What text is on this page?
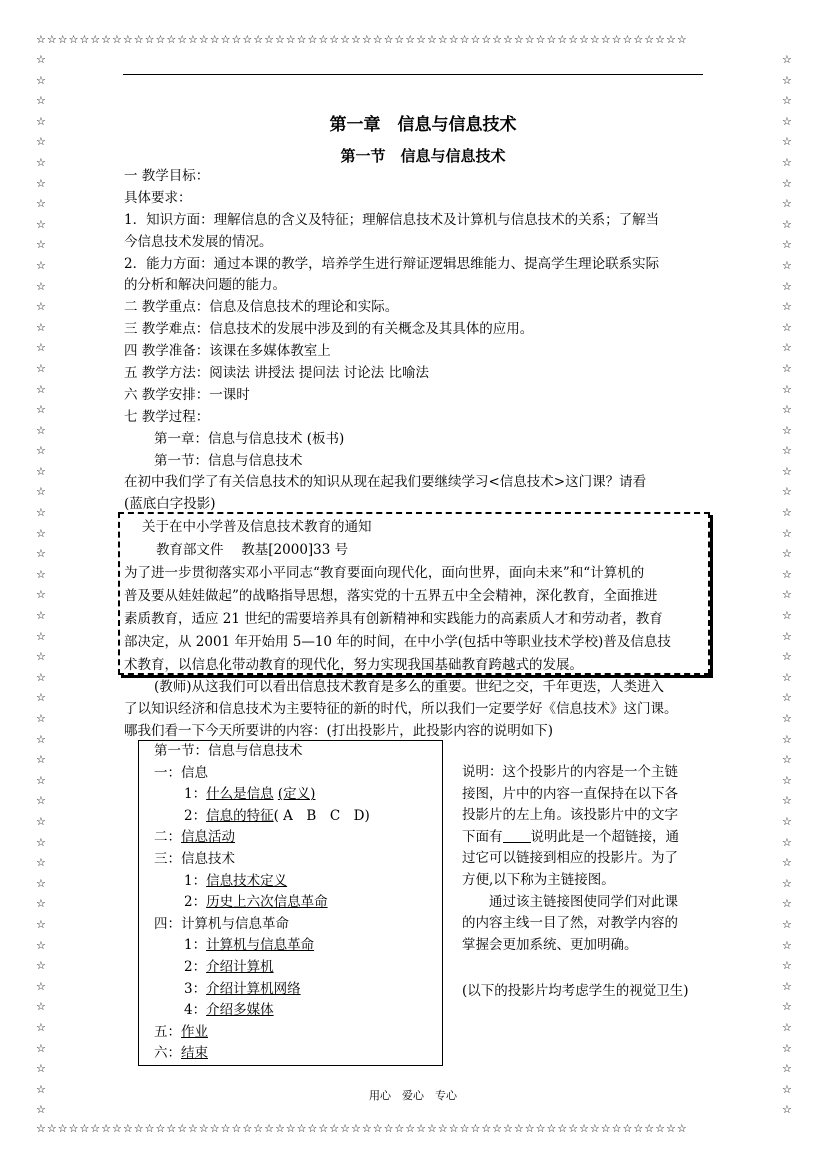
☆☆☆☆☆☆☆☆☆☆☆☆☆☆☆☆☆☆☆☆☆☆☆☆☆☆☆☆☆☆☆☆☆☆☆☆☆☆☆☆☆☆☆☆☆☆☆☆☆☆☆☆☆☆☆☆☆☆☆☆
☆☆☆☆☆☆☆☆☆☆☆☆☆☆☆☆☆☆☆☆☆☆☆☆☆☆☆☆☆☆☆☆☆☆☆☆☆☆☆☆☆☆☆☆☆☆☆☆☆☆☆☆☆☆☆☆☆☆☆☆
☆☆☆☆☆☆☆☆☆☆☆☆☆☆☆☆☆☆☆☆☆☆☆☆☆☆☆☆☆☆☆☆☆☆☆☆☆☆☆☆☆☆☆☆☆☆☆☆☆☆☆☆
☆☆☆☆☆☆☆☆☆☆☆☆☆☆☆☆☆☆☆☆☆☆☆☆☆☆☆☆☆☆☆☆☆☆☆☆☆☆☆☆☆☆☆☆☆☆☆☆☆☆☆☆
第一章　信息与信息技术
第一节　信息与信息技术
一 教学目标：
具体要求：
1．知识方面：理解信息的含义及特征；理解信息技术及计算机与信息技术的关系；了解当
今信息技术发展的情况。
2．能力方面：通过本课的教学，培养学生进行辩证逻辑思维能力、提高学生理论联系实际
的分析和解决问题的能力。
二 教学重点：信息及信息技术的理论和实际。
三 教学难点：信息技术的发展中涉及到的有关概念及其具体的应用。
四 教学准备：该课在多媒体教室上
五 教学方法：阅读法 讲授法 提问法 讨论法 比喻法
六 教学安排：一课时
七 教学过程：
第一章：信息与信息技术 (板书)
第一节：信息与信息技术
在初中我们学了有关信息技术的知识从现在起我们要继续学习<信息技术>这门课？请看
(蓝底白字投影)
关于在中小学普及信息技术教育的通知
教育部文件　 教基[2000]33 号
为了进一步贯彻落实邓小平同志“教育要面向现代化，面向世界，面向未来”和“计算机的
普及要从娃娃做起”的战略指导思想，落实党的十五界五中全会精神，深化教育，全面推进
素质教育，适应 21 世纪的需要培养具有创新精神和实践能力的高素质人才和劳动者，教育
部决定，从 2001 年开始用 5—10 年的时间，在中小学(包括中等职业技术学校)普及信息技
术教育，以信息化带动教育的现代化，努力实现我国基础教育跨越式的发展。
(教师)从这我们可以看出信息技术教育是多么的重要。世纪之交，千年更迭，人类进入
了以知识经济和信息技术为主要特征的新的时代，所以我们一定要学好《信息技术》这门课。
哪我们看一下今天所要讲的内容：(打出投影片，此投影内容的说明如下)
第一节：信息与信息技术
一：信息
1：什么是信息 (定义)
2：信息的特征( A　B　C　D)
二：信息活动
三：信息技术
1：信息技术定义
2：历史上六次信息革命
四：计算机与信息革命
1：计算机与信息革命
2：介绍计算机
3：介绍计算机网络
4：介绍多媒体
五：作业
六：结束
说明：这个投影片的内容是一个主链
接图，片中的内容一直保持在以下各
投影片的左上角。该投影片中的文字
下面有 说明此是一个超链接，通
过它可以链接到相应的投影片。为了
方便,以下称为主链接图。
　　通过该主链接图使同学们对此课
的内容主线一目了然，对教学内容的
掌握会更加系统、更加明确。
(以下的投影片均考虑学生的视觉卫生)
用心　爱心　专心
